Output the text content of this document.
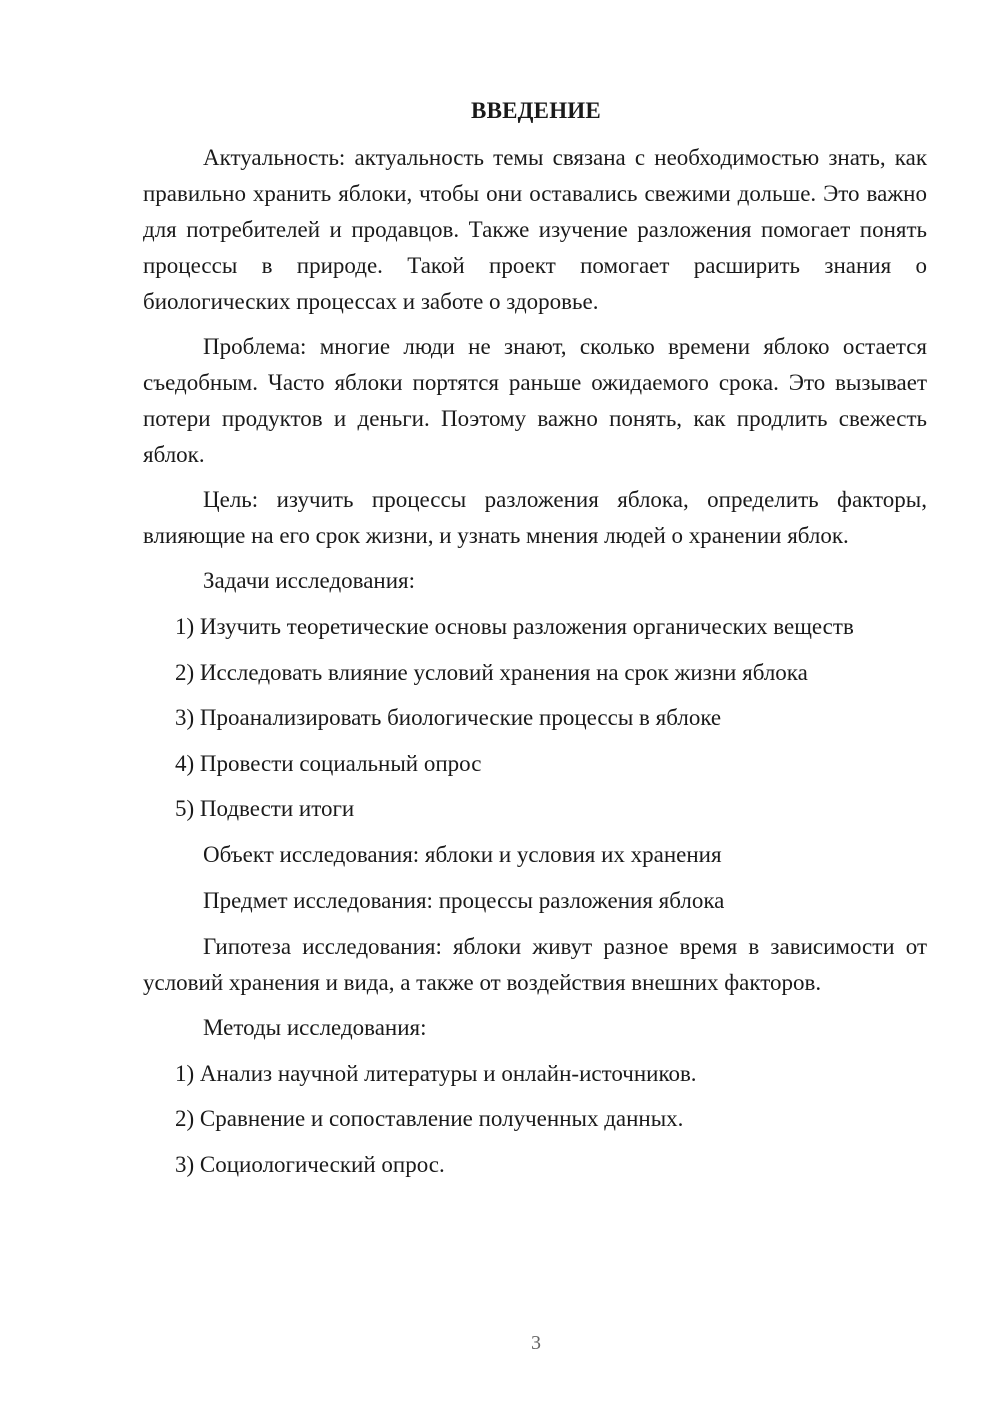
ВВЕДЕНИЕ

Актуальность: актуальность темы связана с необходимостью знать, как правильно хранить яблоки, чтобы они оставались свежими дольше. Это важно для потребителей и продавцов. Также изучение разложения помогает понять процессы в природе. Такой проект помогает расширить знания о биологических процессах и заботе о здоровье.

Проблема: многие люди не знают, сколько времени яблоко остается съедобным. Часто яблоки портятся раньше ожидаемого срока. Это вызывает потери продуктов и деньги. Поэтому важно понять, как продлить свежесть яблок.

Цель: изучить процессы разложения яблока, определить факторы, влияющие на его срок жизни, и узнать мнения людей о хранении яблок.

Задачи исследования:

1) Изучить теоретические основы разложения органических веществ
2) Исследовать влияние условий хранения на срок жизни яблока
3) Проанализировать биологические процессы в яблоке
4) Провести социальный опрос
5) Подвести итоги

Объект исследования: яблоки и условия их хранения

Предмет исследования: процессы разложения яблока

Гипотеза исследования: яблоки живут разное время в зависимости от условий хранения и вида, а также от воздействия внешних факторов.

Методы исследования:

1) Анализ научной литературы и онлайн-источников.
2) Сравнение и сопоставление полученных данных.
3) Социологический опрос.
3
